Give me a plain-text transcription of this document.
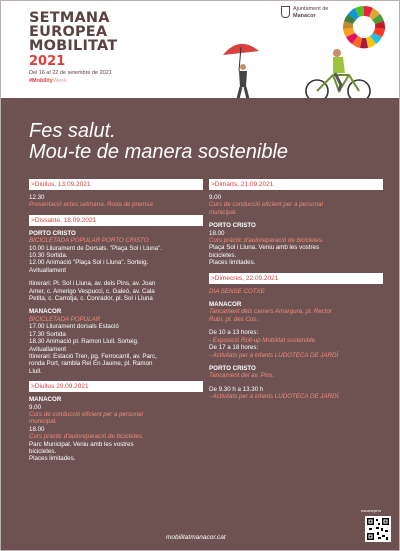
SETMANA
EUROPEA
MOBILITAT
2021
Del 16 al 22 de setembre de 2021
#MobilityWeek
Ajuntament de
Manacor
Fes salut.
Mou-te de manera sostenible
>Diullus, 13.09.2021
12.30
Presentació actes setmana. Roda de premsa
>Dissabte, 18.09.2021
PORTO CRISTO
BICICLETADA POPULAR PORTO CRISTO
10.00 Lliurament de Dorsals. "Plaça Sol i Lluna".
10.30 Sortida.
12.00 Animació "Plaça Sol i Lluna". Sorteig.
Avituallament
Itinerari: Pl. Sol i Lluna, av. dels Pins, av. Joan
Amer, c. Amerigo Vespucci, c. Galeó, av. Cala
Petita, c. Carrotja, c. Conrador, pl. Sol i Lluna
MANACOR
BICICLETADA POPULAR
17.00 Lliurament dorsals Estació
17.30 Sortida
18.30 Animació pl. Ramon Llull. Sorteig.
Avituallament
Itinerari: Estació Tren, pg. Ferrocarril, av. Parc,
ronda Port, rambla Rei En Jaume, pl. Ramon
Llull.
>Diullus 20.09.2021
MANACOR
9.00
Curs de conducció eficient per a personal
municipal.
18.00
Curs pràctic d'autoreparació de bicicletes.
Parc Municipal. Veniu amb les vostres
bicicletes.
Places limitades.
>Dimarts, 21.09.2021
9.00
Curs de conducció eficient per a personal
municipal.
PORTO CRISTO
18.00
Curs pràctic d'autoreparació de bicicletes.
Plaça Sol i Lluna. Veniu amb les vostres
bicicletes.
Places limitades.
>Dimecres, 22.09.2021
DIA SENSE COTXE
MANACOR
Tancament dels carrers Amargura, pl. Rector
Rubí, pl. des Cos.
De 10 a 13 hores:
- Exposició Roll-up Mobilitat sostenible.
De 17 a 18 hores:
- Activitats per a infants LUDOTECA DE JARDÍ
PORTO CRISTO
Tancament del av. Pins.
De 9.30 h a 13.30 h
- Activitats per a infants LUDOTECA DE JARDÍ.
mobilitatmanacor.cat
escaneja'm
